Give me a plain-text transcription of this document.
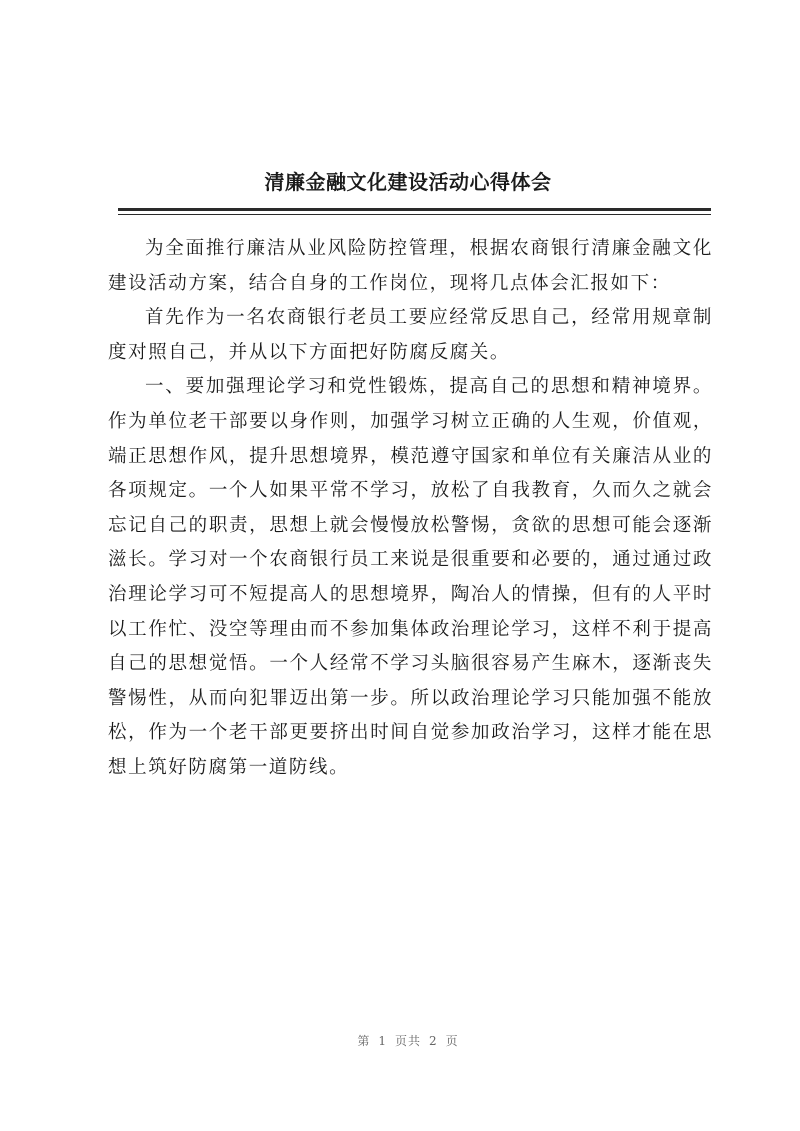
清廉金融文化建设活动心得体会

为全面推行廉洁从业风险防控管理，根据农商银行清廉金融文化建设活动方案，结合自身的工作岗位，现将几点体会汇报如下：

首先作为一名农商银行老员工要应经常反思自己，经常用规章制度对照自己，并从以下方面把好防腐反腐关。

一、要加强理论学习和党性锻炼，提高自己的思想和精神境界。作为单位老干部要以身作则，加强学习树立正确的人生观，价值观，端正思想作风，提升思想境界，模范遵守国家和单位有关廉洁从业的各项规定。一个人如果平常不学习，放松了自我教育，久而久之就会忘记自己的职责，思想上就会慢慢放松警惕，贪欲的思想可能会逐渐滋长。学习对一个农商银行员工来说是很重要和必要的，通过通过政治理论学习可不短提高人的思想境界，陶冶人的情操，但有的人平时以工作忙、没空等理由而不参加集体政治理论学习，这样不利于提高自己的思想觉悟。一个人经常不学习头脑很容易产生麻木，逐渐丧失警惕性，从而向犯罪迈出第一步。所以政治理论学习只能加强不能放松，作为一个老干部更要挤出时间自觉参加政治学习，这样才能在思想上筑好防腐第一道防线。

第 1 页共 2 页
